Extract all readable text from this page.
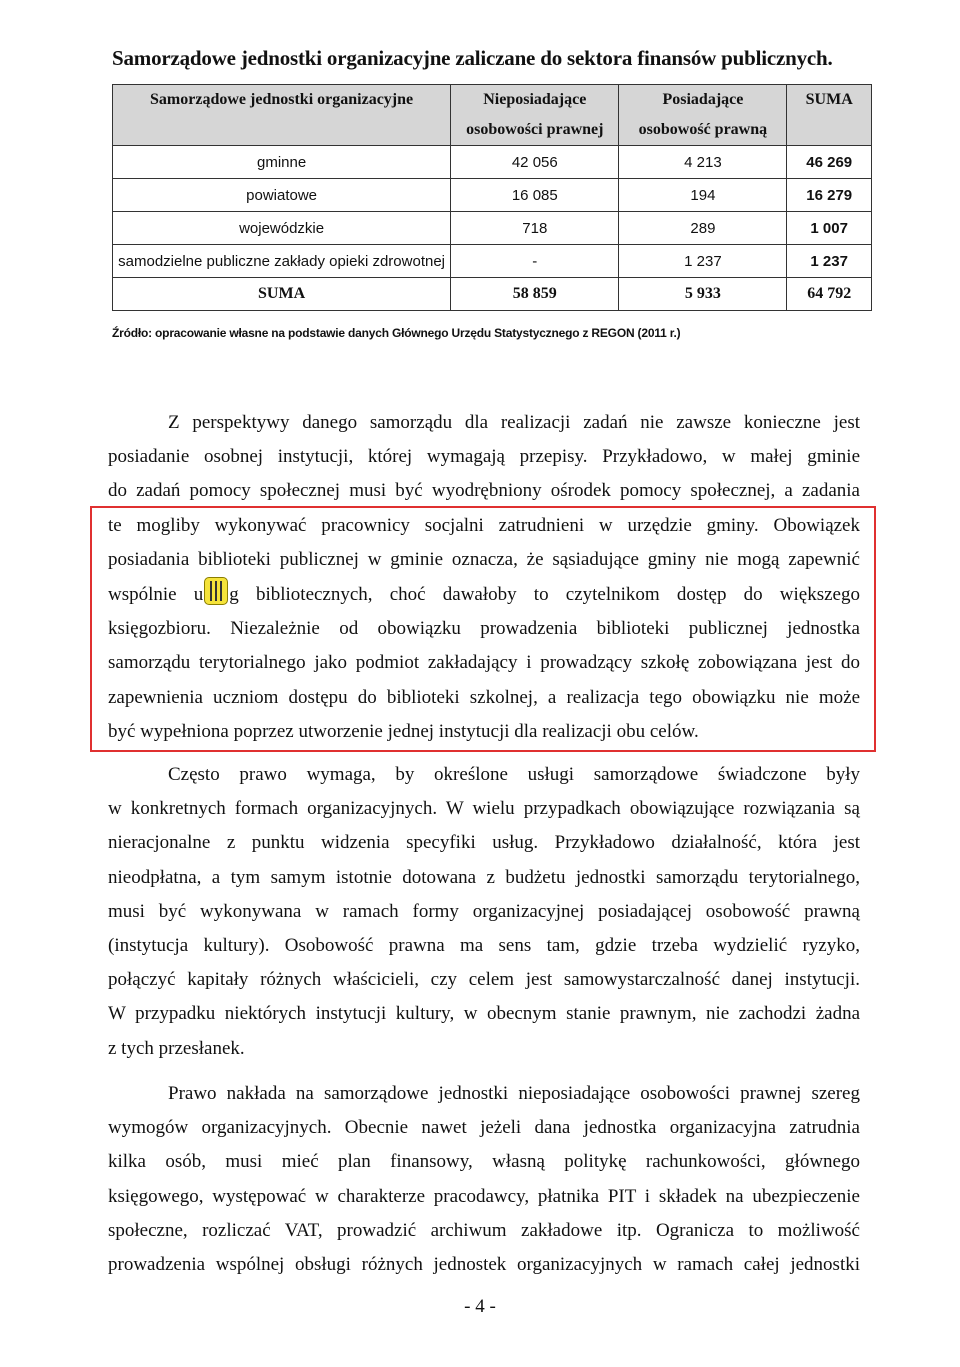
Samorządowe jednostki organizacyjne zaliczane do sektora finansów publicznych.
Samorządowe jednostki organizacyjne	Nieposiadające	Posiadające	SUMA
	osobowości prawnej	osobowość prawną	
gminne	42 056	4 213	46 269
powiatowe	16 085	194	16 279
wojewódzkie	718	289	1 007
samodzielne publiczne zakłady opieki zdrowotnej	-	1 237	1 237
SUMA	58 859	5 933	64 792
Źródło: opracowanie własne na podstawie danych Głównego Urzędu Statystycznego z REGON (2011 r.)
Z perspektywy danego samorządu dla realizacji zadań nie zawsze konieczne jest
posiadanie osobnej instytucji, której wymagają przepisy. Przykładowo, w małej gminie
do zadań pomocy społecznej musi być wyodrębniony ośrodek pomocy społecznej, a zadania
te mogliby wykonywać pracownicy socjalni zatrudnieni w urzędzie gminy. Obowiązek
posiadania biblioteki publicznej w gminie oznacza, że sąsiadujące gminy nie mogą zapewnić
wspólnie u g bibliotecznych, choć dawałoby to czytelnikom dostęp do większego
księgozbioru. Niezależnie od obowiązku prowadzenia biblioteki publicznej jednostka
samorządu terytorialnego jako podmiot zakładający i prowadzący szkołę zobowiązana jest do
zapewnienia uczniom dostępu do biblioteki szkolnej, a realizacja tego obowiązku nie może
być wypełniona poprzez utworzenie jednej instytucji dla realizacji obu celów.
Często prawo wymaga, by określone usługi samorządowe świadczone były
w konkretnych formach organizacyjnych. W wielu przypadkach obowiązujące rozwiązania są
nieracjonalne z punktu widzenia specyfiki usług. Przykładowo działalność, która jest
nieodpłatna, a tym samym istotnie dotowana z budżetu jednostki samorządu terytorialnego,
musi być wykonywana w ramach formy organizacyjnej posiadającej osobowość prawną
(instytucja kultury). Osobowość prawna ma sens tam, gdzie trzeba wydzielić ryzyko,
połączyć kapitały różnych właścicieli, czy celem jest samowystarczalność danej instytucji.
W przypadku niektórych instytucji kultury, w obecnym stanie prawnym, nie zachodzi żadna
z tych przesłanek.
Prawo nakłada na samorządowe jednostki nieposiadające osobowości prawnej szereg
wymogów organizacyjnych. Obecnie nawet jeżeli dana jednostka organizacyjna zatrudnia
kilka osób, musi mieć plan finansowy, własną politykę rachunkowości, głównego
księgowego, występować w charakterze pracodawcy, płatnika PIT i składek na ubezpieczenie
społeczne, rozliczać VAT, prowadzić archiwum zakładowe itp. Ogranicza to możliwość
prowadzenia wspólnej obsługi różnych jednostek organizacyjnych w ramach całej jednostki
- 4 -
